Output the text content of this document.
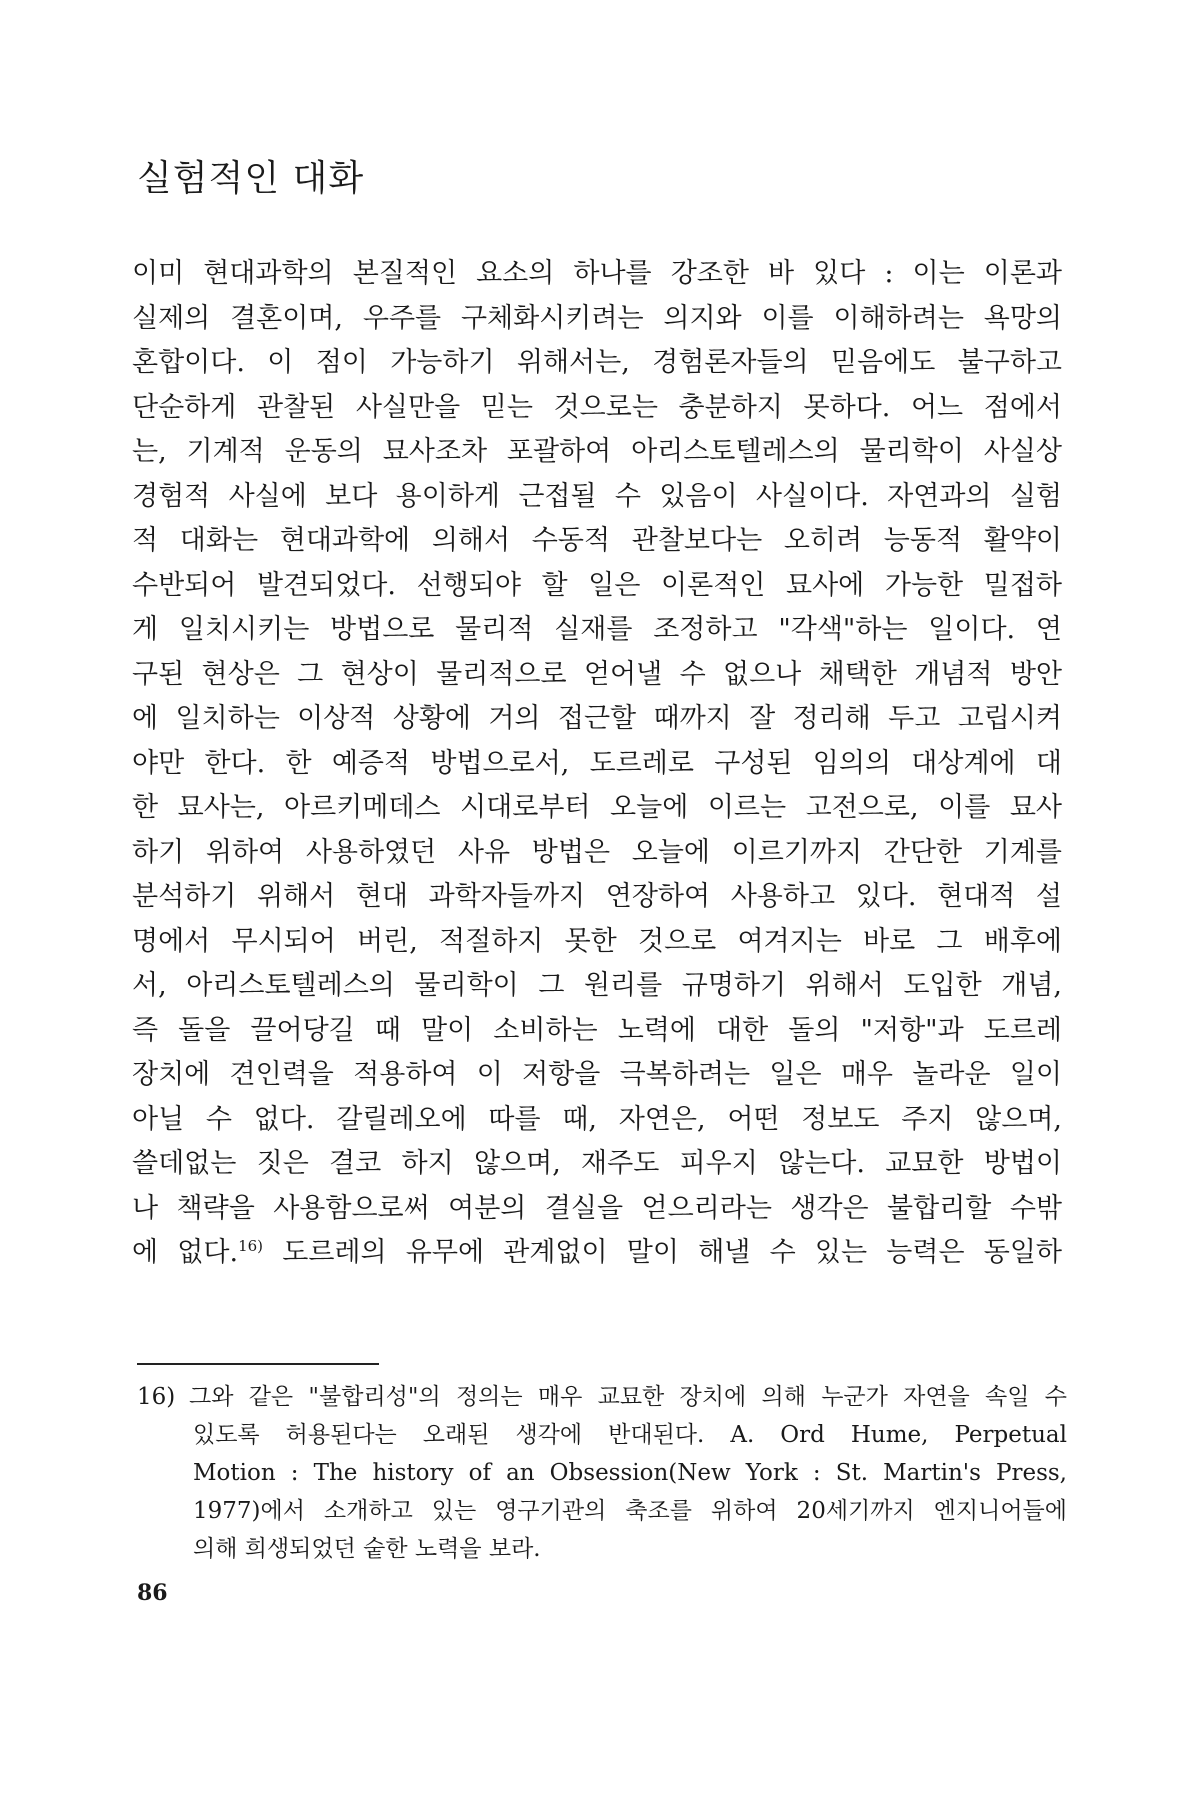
실험적인 대화
이미 현대과학의 본질적인 요소의 하나를 강조한 바 있다 : 이는 이론과
실제의 결혼이며, 우주를 구체화시키려는 의지와 이를 이해하려는 욕망의
혼합이다. 이 점이 가능하기 위해서는, 경험론자들의 믿음에도 불구하고
단순하게 관찰된 사실만을 믿는 것으로는 충분하지 못하다. 어느 점에서
는, 기계적 운동의 묘사조차 포괄하여 아리스토텔레스의 물리학이 사실상
경험적 사실에 보다 용이하게 근접될 수 있음이 사실이다. 자연과의 실험
적 대화는 현대과학에 의해서 수동적 관찰보다는 오히려 능동적 활약이
수반되어 발견되었다. 선행되야 할 일은 이론적인 묘사에 가능한 밀접하
게 일치시키는 방법으로 물리적 실재를 조정하고 "각색"하는 일이다. 연
구된 현상은 그 현상이 물리적으로 얻어낼 수 없으나 채택한 개념적 방안
에 일치하는 이상적 상황에 거의 접근할 때까지 잘 정리해 두고 고립시켜
야만 한다. 한 예증적 방법으로서, 도르레로 구성된 임의의 대상계에 대
한 묘사는, 아르키메데스 시대로부터 오늘에 이르는 고전으로, 이를 묘사
하기 위하여 사용하였던 사유 방법은 오늘에 이르기까지 간단한 기계를
분석하기 위해서 현대 과학자들까지 연장하여 사용하고 있다. 현대적 설
명에서 무시되어 버린, 적절하지 못한 것으로 여겨지는 바로 그 배후에
서, 아리스토텔레스의 물리학이 그 원리를 규명하기 위해서 도입한 개념,
즉 돌을 끌어당길 때 말이 소비하는 노력에 대한 돌의 "저항"과 도르레
장치에 견인력을 적용하여 이 저항을 극복하려는 일은 매우 놀라운 일이
아닐 수 없다. 갈릴레오에 따를 때, 자연은, 어떤 정보도 주지 않으며,
쓸데없는 짓은 결코 하지 않으며, 재주도 피우지 않는다. 교묘한 방법이
나 책략을 사용함으로써 여분의 결실을 얻으리라는 생각은 불합리할 수밖
에 없다.$^{16)}$ 도르레의 유무에 관계없이 말이 해낼 수 있는 능력은 동일하
16) 그와 같은 "불합리성"의 정의는 매우 교묘한 장치에 의해 누군가 자연을 속일 수
있도록 허용된다는 오래된 생각에 반대된다. A. Ord Hume, Perpetual
Motion : The history of an Obsession(New York : St. Martin's Press,
1977)에서 소개하고 있는 영구기관의 축조를 위하여 20세기까지 엔지니어들에
의해 희생되었던 숱한 노력을 보라.
86
